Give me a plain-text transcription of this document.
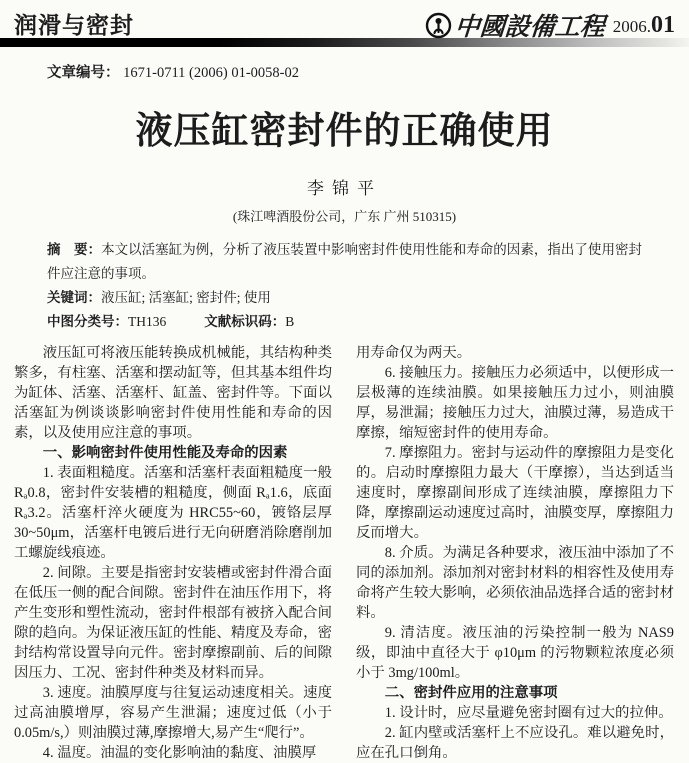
润滑与密封	中國設備工程 2006.01
文章编号： 1671-0711 (2006) 01-0058-02
液压缸密封件的正确使用
李锦平
(珠江啤酒股份公司，广东 广州 510315)

摘　要：本文以活塞缸为例，分析了液压装置中影响密封件使用性能和寿命的因素，指出了使用密封件应注意的事项。

关键词：液压缸; 活塞缸; 密封件; 使用

中图分类号：TH136	文献标识码：B

液压缸可将液压能转换成机械能，其结构种类繁多，有柱塞、活塞和摆动缸等，但其基本组件均为缸体、活塞、活塞杆、缸盖、密封件等。下面以活塞缸为例谈谈影响密封件使用性能和寿命的因素，以及使用应注意的事项。

一、影响密封件使用性能及寿命的因素

1. 表面粗糙度。活塞和活塞杆表面粗糙度一般 Rₐ0.8，密封件安装槽的粗糙度，侧面 Rₐ1.6，底面 Rₐ3.2。活塞杆淬火硬度为 HRC55~60，镀铬层厚 30~50μm，活塞杆电镀后进行无向研磨消除磨削加工螺旋线痕迹。

2. 间隙。主要是指密封安装槽或密封件滑合面在低压一侧的配合间隙。密封件在油压作用下，将产生变形和塑性流动，密封件根部有被挤入配合间隙的趋向。为保证液压缸的性能、精度及寿命，密封结构常设置导向元件。密封摩擦副前、后的间隙因压力、工况、密封件种类及材料而异。

3. 速度。油膜厚度与往复运动速度相关。速度过高油膜增厚，容易产生泄漏；速度过低（小于0.05m/s,）则油膜过薄,摩擦增大,易产生“爬行”。

4. 温度。油温的变化影响油的黏度、油膜厚

用寿命仅为两天。

6. 接触压力。接触压力必须适中，以便形成一层极薄的连续油膜。如果接触压力过小，则油膜厚，易泄漏；接触压力过大，油膜过薄，易造成干摩擦，缩短密封件的使用寿命。

7. 摩擦阻力。密封与运动件的摩擦阻力是变化的。启动时摩擦阻力最大（干摩擦），当达到适当速度时，摩擦副间形成了连续油膜，摩擦阻力下降，摩擦副运动速度过高时，油膜变厚，摩擦阻力反而增大。

8. 介质。为满足各种要求，液压油中添加了不同的添加剂。添加剂对密封材料的相容性及使用寿命将产生较大影响，必须依油品选择合适的密封材料。

9. 清洁度。液压油的污染控制一般为 NAS9 级，即油中直径大于 φ10μm 的污物颗粒浓度必须小于 3mg/100ml。

二、密封件应用的注意事项

1. 设计时，应尽量避免密封圈有过大的拉伸。

2. 缸内壁或活塞杆上不应设孔。难以避免时，应在孔口倒角。
